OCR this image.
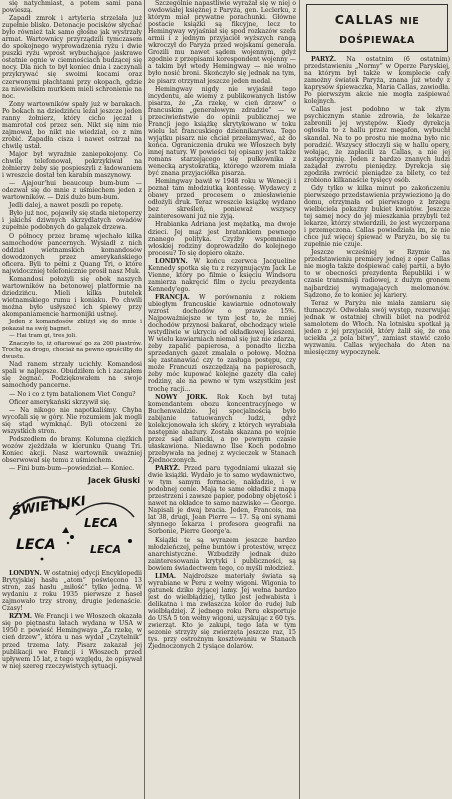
się natychmiast, a potem sami pana powieszą.

Zapadł zmrok i artyleria strzelała już zupełnie blisko. Detonacje pocisków słychać było również tak samo głośne jak wystrzały armat. Wartownicy przyrządzili tymczasem do spokojnego wyprowadzenia ryżu i dwie puszki ryżu wprost wybuchające jaskrawe ostatnie ognie w ciemnościach budzącej się nocy. Dla nich to był koniec dnia i zaczynali przykrywać się swoimi kocami oraz czerwonymi płachtami przy okopach, gdzie za niewielkim murkiem mieli schronienie na noc.

Zony wartowników spały już w barakach. Po bokach na dziedzińcu leżał jeszcze jeden ranny żołnierz, który cicho jęczał i mamrotał coś przez sen. Nikt się nim nie zajmował, bo nikt nie wiedział, co z nim zrobić. Zapadła cisza i nawet ostrzał na chwilę ustał.

Major był wyraźnie zaniepokojony. Co chwilę telefonował, pokrzykiwał na żołnierzy żeby się pospieszyli z ładowaniem i wreszcie dostał ten karabin maszynowy.

— Ajajour'hui beaucoup bum-bum — odezwał się do mnie z uśmiechem jeden z wartowników. — Dziś dużo bum-bum.

Jedli dalej, a nawet poszli po repetę.

Było już noc, pojawiły się stada nietoperzy i jakichś dziwnych skrzydlatych owadów zupełnie podobnych do galązek drzewa.

O północy przez bramę wjechało kilka samochodów pancernych. Wysiadł z nich oddział wietnamskich komandosów dowodzonych przez amerykańskiego oficera. Byli to pełni z Quang Tri, o które najwidoczniej telefonicznie prosił nasz Muk.

Komandosi położyli się obok naszych wartowników na betonowej platformie na dziedzińcu. Mieli kilka butelek wietnamskiego rumu i koniaku. Po chwili można było usłyszeć ich śpiewy przy akompaniamencie harmonijki ustnej.

Jeden z komandosów zbliżył się do mnie i pokazał na swój bagnet.

— Hai tram gi, tres joli.

Znaczyło to, iż ofiarować go za 200 piastrów. Trochę za drogo, chociaż na pewno opuściłby do dwustu.

Nad ranem strzały ucichły. Komandosi spali w najlepsze. Obudziłem ich i zacząłem się żegnać. Podziękowałem na swoje samochody pancerne.

— No i co z tym batalionem Viet Congu?

Oficer amerykański skrzywił się.

— Na nikogo nie napotkaliśmy. Chyba wycofali się w góry. Nie rozumiem jak mogli się stąd wymknąć. Byli otoczeni ze wszystkich stron.

Podszedłem do bramy. Kolumna ciężkich wozów zjeżdżała w kierunku Quang Tri. Koniec akcji. Nasz wartownik uważniej obserwował się temu z uśmiechem.

— Fini bum-bum—powiedział.— Koniec.

Jacek Głuski
ŚWIETLIKI
LECA
LECA	LECA

LONDYN. W ostatniej edycji Encyklopedii Brytyjskiej hasłu „atom” poświęcono 13 stron, zaś hasłu „miłość” tylko jedną. W wydaniu z roku 1935 pierwsze z haseł zajmowało trzy strony, drugie jedenaście. Czasy!

RZYM. We Francji i we Włoszech okazała się po piętnastu latach wydana w USA w 1950 r. powieść Hemingwaya „Za rzekę, w cień drzew”, która u nas wydał „Czytelnik” przed trzema laty. Pisarz zakazał jej publikacji we Francji i Włoszech przed upływem 15 lat, z tego względu, że opisywał w niej szereg rzeczywistych sytuacji.

Szczególnie napastliwie wyrażał się w niej o owdowiałej księżnej z Paryża, gen. Leclerku, z którym miał prywatne porachunki. Główne postacie książki są fikcyjne, lecz to Hemingway wyjaśniał się spod rozkazów szefa armii i z jednym przyjaciół wyższych rangą wkroczył do Paryża przed wojskami generała. Grozili mu nawet sądem wojennym, gdyż zgodnie z przepisami korespondent wojenny — a takim był wtedy Hemingway — nie wolno było nosić broni. Skończyło się jednak na tym, że pisarz otrzymał jeszcze jeden medal.

Hemingway nigdy nie wyjaśnił tego incydentu, ale wiemy z publikowanych listów pisarza, że „Za rzekę, w cień drzew” o francuskim „generałowym zdradzie” — w przeciwieństwie do opinii publicznej we Francji jego książkę skrytykowano w toku wielu lat francuskiego dziennikarstwa. Tego wyjątku pisarz nie chciał przełamywać, aż do końca. Ograniczenia druku we Włoszech były innej natury. W powieści tej opisany jest także romans starzejącego się pułkownika z wenecką arystokratką, którego wzorem miała być znana przyjaciółka pisarza.

Hemingway bawił w 1948 roku w Wenecji i poznał tam młodziutką kontessę. Wydawcy z obawy przed procesem o zniesławienie odłożyli druk. Teraz wreszcie książkę wydano bez skreśleń, ponieważ wszyscy zainteresowani już nie żyją.

Hrabianka Adriana jest mężatką, ma dwoje dzieci. Jej mąż jest bratankiem pewnego znanego polityka. Czyżby wspomnienie włoskiej rodziny doprowadziło do kolejnego procesu? To się dopiero okaże.

LONDYN. W końcu czerwca Jacqueline Kennedy spotka się tu z rezygnującym Jack Le Vienne, który po filmie o księciu Windsoru zamierza nakręcić film o życiu prezydenta Kennedy'ego.

FRANCJA. W porównaniu z rokiem ubiegłym francuskie kawiarnie odnotowały wzrost dochodów o prawie 15%. Najpoważniejsze w tym jest to, że mniej dochodów przynosi bakarat, obchodzący wiele wstydliwie w ukryciu od okładkowej kieszeni. W wielu kawiarniach niemal się już nie zdarza, żeby zapalić papierosa, a ponadto liczba sprzedanych gazet zmalała o połowę. Można się zastanawiać czy to zasługa postępu, czy może Francuzi oszczędzają na papierosach, żeby móc kupować kolejne gazety dla całej rodziny, ale na pewno w tym wszystkim jest trochę racji...

NOWY JORK. Rok Koch był tutaj komendantem obozu koncentracyjnego w Buchenwaldzie. Jej specjalnością było zabijanie tatuowanych ludzi, gdyż kolekcjonowała ich skóry, z których wyrabiała następnie abażury. Została skazana po wojnie przez sąd aliancki, a po pewnym czasie ułaskawiona. Niedawno Ilse Koch podobno przebywała na jednej z wycieczek w Stanach Zjednoczonych.

PARYŻ. Przed paru tygodniami ukazał się dwie książki. Wydało je to samo wydawnictwo, w tym samym formacie, nakładzie, i w podobnej cenie. Mają te same okładki z mapą przestrzeni i zawsze papier, podobny objętość i nawet na okładce to samo nazwisko — George. Napisali je dwaj bracia. Jeden, Francois, ma lat 38, drugi, Jean Pierre — 17. Są oni synami słynnego lekarza i profesora geografii na Sorbonie, Pierre George'a.

Książki te są wyrazem jeszcze bardzo młodzieńczej, pełne buntów i protestów, wręcz anarchistyczne. Wzbudziły jednak dużo zainteresowania krytyki i publiczności, są bowiem świadectwem tego, co myśli młodzież.

LIMA. Najdroższe materiały świata są wyrabiane w Peru z wełny wigoni. Wigonia to gatunek dziko żyjącej lamy. Jej wełna bardzo jest do wielbłądziej, tylko jest jedwabista i delikatna i ma zwłaszcza kolor do rudej lub wielbłądziej. Z jednego roku Peru eksportuje do USA 5 ton wełny wigoni, uzyskując z 60 tys. zwierząt. Kto je zakupi, tego lata w tym sezonie strzyży się zwierzęta jeszcze raz, 15 tys. przy ostrożnym kosztowaniu w Stanach Zjednoczonych 2 tysiące dolarów.

CALLAS NIE DOŚPIEWAŁA

PARYŻ. Na ostatnim (6 ostatnim) przedstawieniu „Normy” w Operze Paryskiej, na którym był także w komplecie cały zamożny światek Paryża, znana już wtedy z kaprysów śpiewaczka, Maria Callas, zawiodła. Po pierwszym akcie nie mogła zaśpiewać kolejnych.

Callas jest podobno w tak złym psychicznym stanie zdrowia, że lekarze zabronili jej występów. Kiedy dyrekcja ogłosiła to z hallu przez megafon, wybuchł skandal. Na to po prostu nie można było nic poradzić. Wszyscy stłoczyli się w hallu opery, wołając, że zapłacili za Callas, a nie jej zastępczynię. Jeden z bardzo znanych ludzi zażądał zwrotu pieniędzy. Dyrekcja się zgodziła zwrócić pieniądze za bilety, co też zrobiono kilkanaście tysięcy osób.

Gdy tylko w kilka minut po zakończeniu pierwszego przedstawienia przywieziono ją do domu, otrzymała od pierwszego z brzegu wielbiciela pokaźny bukiet kwiatów. Jeszcze tej samej nocy do jej mieszkania przybyli też lekarze, którzy stwierdzili, że jest wyczerpana i przemęczona. Callas powiedziała im, że nie chce już więcej śpiewać w Paryżu, bo się tu zupełnie nie czuje.

Jeszcze wcześniej w Rzymie na przedstawieniu premiery jednej z oper Callas nie mogła także dośpiewać całej partii, a było to w obecności prezydenta Republiki i w czasie transmisji radiowej, z dużym gronem najbardziej wymagających melomanów. Sądzono, że to koniec jej kariery.

Teraz w Paryżu nie miała zamiaru się tłumaczyć. Odwołała swój występ, rezerwując jednak w ostatniej chwili bilet na podróż samolotem do Włoch. Na lotnisku spotkał ją jeden z jej przyjaciół, który żalił się, że ona uciekła „z pola bitwy”, zamiast stawić czoło wyzwaniu. Callas wyjechała do Aten na miesięczny wypoczynek.
